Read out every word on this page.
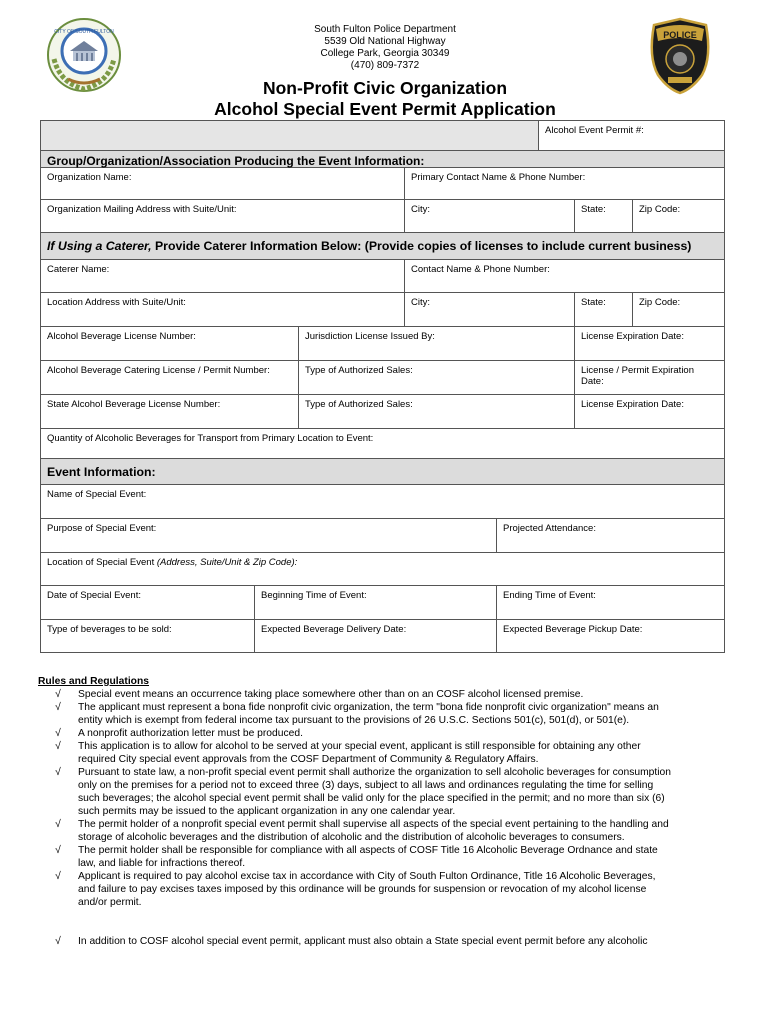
CITY OF SOUTH FULTON	South Fulton Police Department
5539 Old National Highway
College Park, Georgia 30349
(470) 809-7372
POLICE
Non-Profit Civic Organization
Alcohol Special Event Permit Application
Alcohol Event Permit #:
Group/Organization/Association Producing the Event Information:
Organization Name:	Primary Contact Name & Phone Number:
Organization Mailing Address with Suite/Unit:	City:	State:	Zip Code:
If Using a Caterer, Provide Caterer Information Below: (Provide copies of licenses to include current business)
Caterer Name:	Contact Name & Phone Number:
Location Address with Suite/Unit:	City:	State:	Zip Code:
Alcohol Beverage License Number:	Jurisdiction License Issued By:	License Expiration Date:
Alcohol Beverage Catering License / Permit Number:	Type of Authorized Sales:	License / Permit Expiration Date:
State Alcohol Beverage License Number:	Type of Authorized Sales:	License Expiration Date:
Quantity of Alcoholic Beverages for Transport from Primary Location to Event:
Event Information:
Name of Special Event:
Purpose of Special Event:	Projected Attendance:
Location of Special Event (Address, Suite/Unit & Zip Code):
Date of Special Event:	Beginning Time of Event:	Ending Time of Event:
Type of beverages to be sold:	Expected Beverage Delivery Date:	Expected Beverage Pickup Date:
Rules and Regulations
√	Special event means an occurrence taking place somewhere other than on an COSF alcohol licensed premise.
√	The applicant must represent a bona fide nonprofit civic organization, the term "bona fide nonprofit civic organization" means an
entity which is exempt from federal income tax pursuant to the provisions of 26 U.S.C. Sections 501(c), 501(d), or 501(e).
√	A nonprofit authorization letter must be produced.
√	This application is to allow for alcohol to be served at your special event, applicant is still responsible for obtaining any other
required City special event approvals from the COSF Department of Community & Regulatory Affairs.
√	Pursuant to state law, a non-profit special event permit shall authorize the organization to sell alcoholic beverages for consumption
only on the premises for a period not to exceed three (3) days, subject to all laws and ordinances regulating the time for selling
such beverages; the alcohol special event permit shall be valid only for the place specified in the permit; and no more than six (6)
such permits may be issued to the applicant organization in any one calendar year.
√	The permit holder of a nonprofit special event permit shall supervise all aspects of the special event pertaining to the handling and
storage of alcoholic beverages and the distribution of alcoholic and the distribution of alcoholic beverages to consumers.
√	The permit holder shall be responsible for compliance with all aspects of COSF Title 16 Alcoholic Beverage Ordnance and state
law, and liable for infractions thereof.
√	Applicant is required to pay alcohol excise tax in accordance with City of South Fulton Ordinance, Title 16 Alcoholic Beverages,
and failure to pay excises taxes imposed by this ordinance will be grounds for suspension or revocation of my alcohol license
and/or permit.
√	In addition to COSF alcohol special event permit, applicant must also obtain a State special event permit before any alcoholic
